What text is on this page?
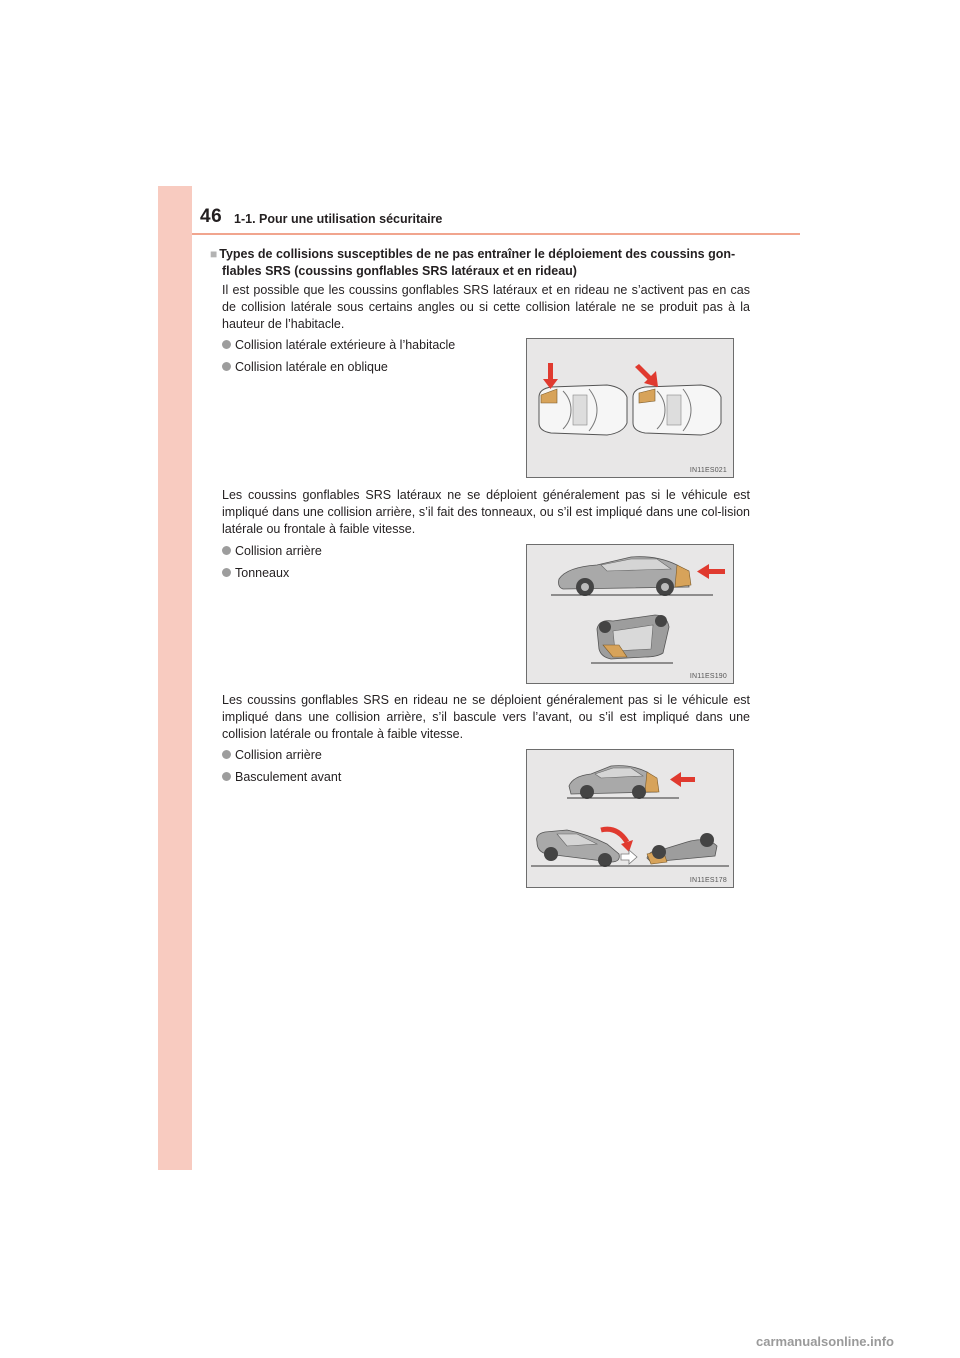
46 1-1. Pour une utilisation sécuritaire
■ Types de collisions susceptibles de ne pas entraîner le déploiement des coussins gon-
flables SRS (coussins gonflables SRS latéraux et en rideau)
Il est possible que les coussins gonflables SRS latéraux et en rideau ne s’activent pas en cas de collision latérale sous certains angles ou si cette collision latérale ne se produit pas à la hauteur de l’habitacle.
Collision latérale extérieure à l’habitacle
Collision latérale en oblique
IN11ES021
Les coussins gonflables SRS latéraux ne se déploient généralement pas si le véhicule est impliqué dans une collision arrière, s’il fait des tonneaux, ou s’il est impliqué dans une col-lision latérale ou frontale à faible vitesse.
Collision arrière
Tonneaux
IN11ES190
Les coussins gonflables SRS en rideau ne se déploient généralement pas si le véhicule est impliqué dans une collision arrière, s’il bascule vers l’avant, ou s’il est impliqué dans une collision latérale ou frontale à faible vitesse.
Collision arrière
Basculement avant
IN11ES178
carmanualsonline.info
